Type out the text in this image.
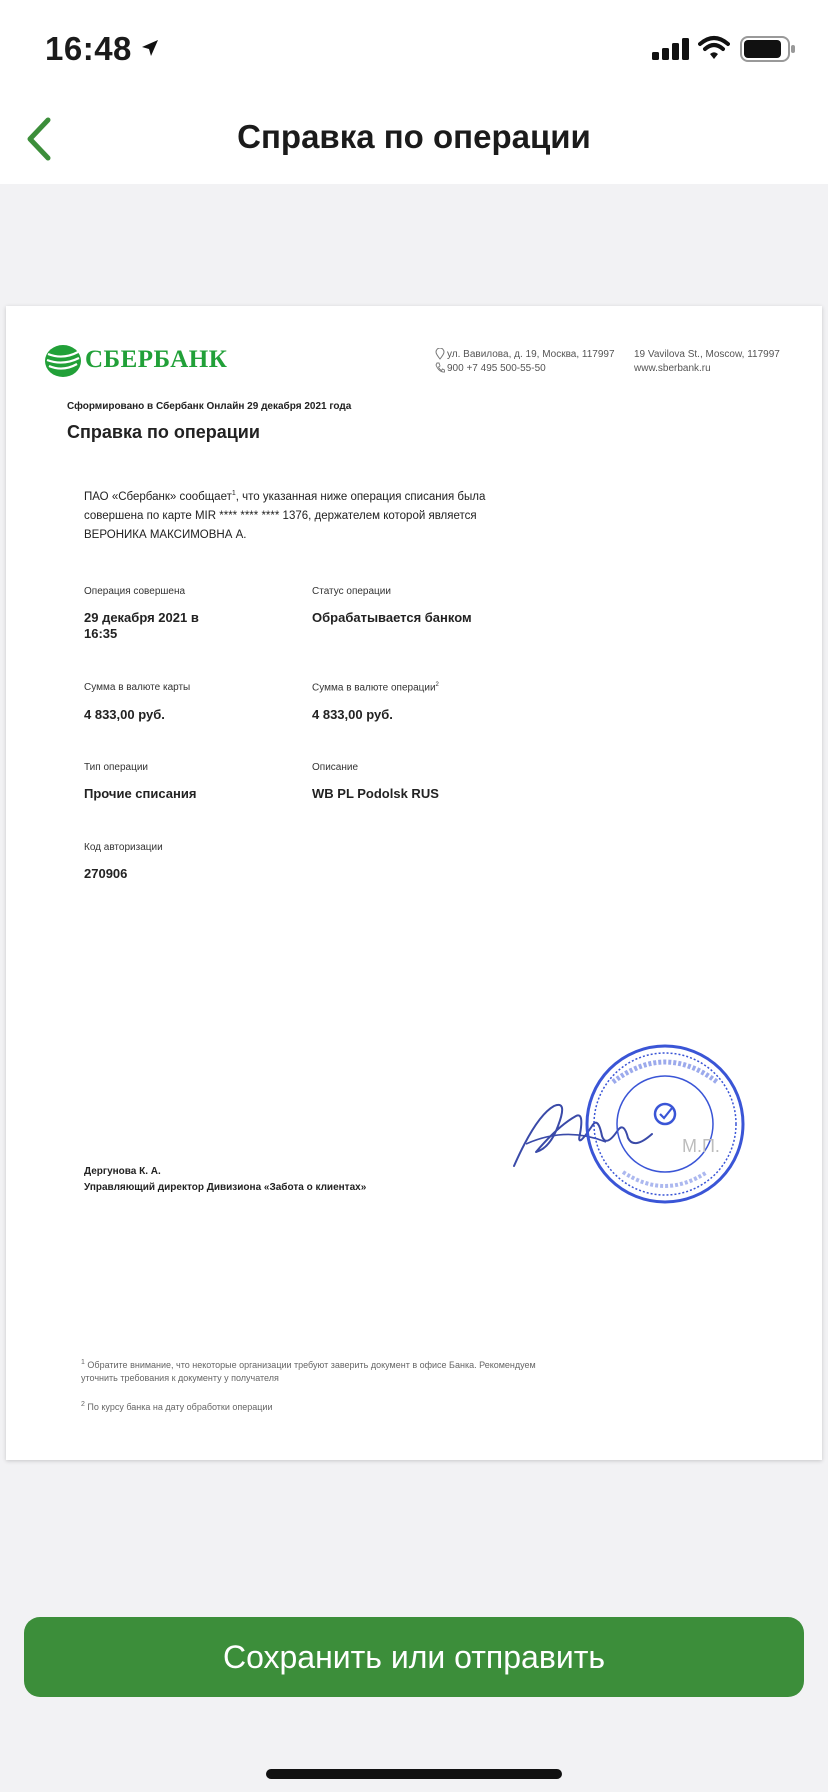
16:48
Справка по операции
СБЕРБАНК	ул. Вавилова, д. 19, Москва, 117997
900 +7 495 500-55-50
19 Vavilova St., Moscow, 117997
www.sberbank.ru
Сформировано в Сбербанк Онлайн 29 декабря 2021 года
Справка по операции
ПАО «Сбербанк» сообщает$^1$, что указанная ниже операция списания была совершена по карте MIR **** **** **** 1376, держателем которой является ВЕРОНИКА МАКСИМОВНА А.
Операция совершена
29 декабря 2021 в
16:35
Статус операции
Обрабатывается банком
Сумма в валюте карты
4 833,00 руб.
Сумма в валюте операции$^2$
4 833,00 руб.
Тип операции
Прочие списания
Описание
WB PL Podolsk RUS
Код авторизации
270906
Дергунова К. А.
Управляющий директор Дивизиона «Забота о клиентах»
М.П.
$^1$ Обратите внимание, что некоторые организации требуют заверить документ в офисе Банка. Рекомендуем уточнить требования к документу у получателя
$^2$ По курсу банка на дату обработки операции
Сохранить или отправить
